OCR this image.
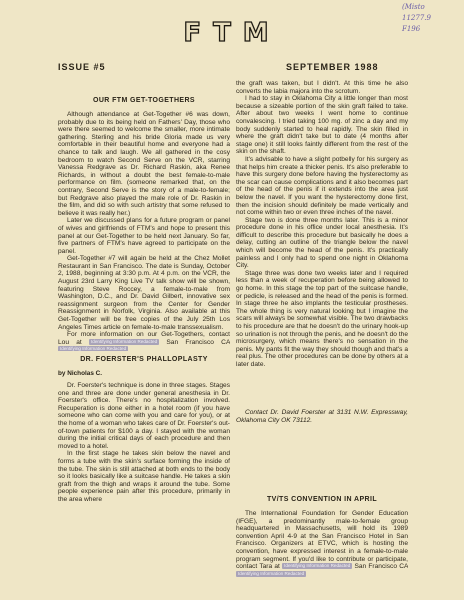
(Misto
11277.9
F196
FTM
ISSUE #5	SEPTEMBER 1988
OUR FTM GET-TOGETHERS

Although attendance at Get-Together #6 was down, probably due to its being held on Fathers' Day, those who were there seemed to welcome the smaller, more intimate gathering. Sterling and his bride Gloria made us very comfortable in their beautiful home and everyone had a chance to talk and laugh. We all gathered in the cosy bedroom to watch Second Serve on the VCR, starring Vanessa Redgrave as Dr. Richard Raskin, aka Renee Richards, in without a doubt the best female-to-male performance on film. (someone remarked that, on the contrary, Second Serve is the story of a male-to-female; but Redgrave also played the male role of Dr. Raskin in the film, and did so with such artistry that some refused to believe it was really her.)

Later we discussed plans for a future program or panel of wives and girlfriends of FTM's and hope to present this panel at our Get-Together to be held next January. So far, five partners of FTM's have agreed to participate on the panel.

Get-Together #7 will again be held at the Chez Mollet Restaurant in San Francisco. The date is Sunday, October 2, 1988, beginning at 3:30 p.m. At 4 p.m. on the VCR, the August 23rd Larry King Live TV talk show will be shown, featuring Steve Roccey, a female-to-male from Washington, D.C., and Dr. David Gilbert, innovative sex reassignment surgeon from the Center for Gender Reassignment in Norfolk, Virginia. Also available at this Get-Together will be free copies of the July 25th Los Angeles Times article on female-to-male transsexualism.

For more information on our Get-Togethers, contact Lou at Identifying Information Redacted San Francisco CA Identifying Information Redacted

DR. FOERSTER'S PHALLOPLASTY
by Nicholas C.

Dr. Foerster's technique is done in three stages. Stages one and three are done under general anesthesia in Dr. Foerster's office. There's no hospitalization involved. Recuperation is done either in a hotel room (if you have someone who can come with you and care for you), or at the home of a woman who takes care of Dr. Foerster's out-of-town patients for $100 a day. I stayed with the woman during the initial critical days of each procedure and then moved to a hotel.

In the first stage he takes skin below the navel and forms a tube with the skin's surface forming the inside of the tube. The skin is still attached at both ends to the body so it looks basically like a suitcase handle. He takes a skin graft from the thigh and wraps it around the tube. Some people experience pain after this procedure, primarily in the area where

the graft was taken, but I didn't. At this time he also converts the labia majora into the scrotum.

I had to stay in Oklahoma City a little longer than most because a sizeable portion of the skin graft failed to take. After about two weeks I went home to continue convalescing. I tried taking 100 mg. of zinc a day and my body suddenly started to heal rapidly. The skin filled in where the graft didn't take but to date (4 months after stage one) it still looks faintly different from the rest of the skin on the shaft.

It's advisable to have a slight potbelly for his surgery as that helps him create a thicker penis. It's also preferable to have this surgery done before having the hysterectomy as the scar can cause complications and it also becomes part of the head of the penis if it extends into the area just below the navel. If you want the hysterectomy done first, then the incision should definitely be made vertically and not come within two or even three inches of the navel.

Stage two is done three months later. This is a minor procedure done in his office under local anesthesia. It's difficult to describe this procedure but basically he does a delay, cutting an outline of the triangle below the navel which will become the head of the penis. It's practically painless and I only had to spend one night in Oklahoma City.

Stage three was done two weeks later and I required less than a week of recuperation before being allowed to go home. In this stage the top part of the suitcase handle, or pedicle, is released and the head of the penis is formed. In stage three he also implants the testicular prostheses. The whole thing is very natural looking but I imagine the scars will always be somewhat visible. The two drawbacks to his procedure are that he doesn't do the urinary hook-up so urination is not through the penis, and he doesn't do the microsurgery, which means there's no sensation in the penis. My pants fit the way they should though and that's a real plus. The other procedures can be done by others at a later date.

Contact Dr. David Foerster at 3131 N.W. Expressway, Oklahoma City OK 73112.
TV/TS CONVENTION IN APRIL

The International Foundation for Gender Education (IFGE), a predominantly male-to-female group headquartered in Massachusetts, will hold its 1989 convention April 4-9 at the San Francisco Hotel in San Francisco. Organizers at ETVC, which is hosting the convention, have expressed interest in a female-to-male program segment. If you'd like to contribute or participate, contact Tara at Identifying Information Redacted San Francisco CA Identifying Information Redacted
